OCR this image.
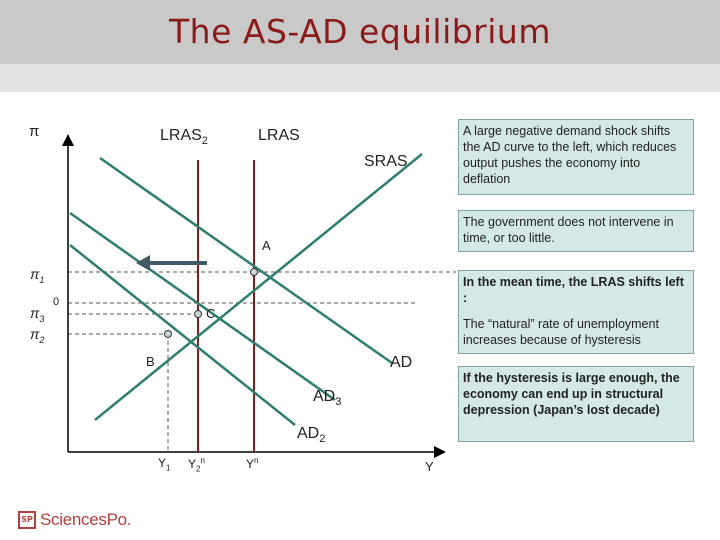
The AS-AD equilibrium
π
Y
$LRAS_2$	LRAS
SRAS
AD
$AD_3$
$AD_2$
A
C
B
$\pi_1$
0
$\pi_3$
$\pi_2$
$Y_1$ $Y_2^n$	$Y^n$
A large negative demand shock shifts the AD curve to the left, which reduces output pushes the economy into deflation
The government does not intervene in time, or too little.
In the mean time, the LRAS shifts left :
The “natural” rate of unemployment increases because of hysteresis
If the hysteresis is large enough, the economy can end up in structural depression (Japan’s lost decade)
SP SciencesPo.
